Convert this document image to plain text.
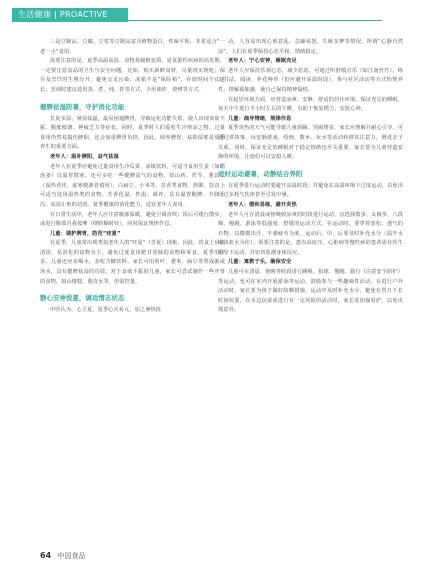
生活健康 | PROACTIVE HEALTH ●●●
三是豆制品。豆腐、豆浆等豆制品富含植物蛋白，性味平和，非常适合“一老一小”食用。
需要注意的是，夏季高温高湿，食物易腐败变质，是食源性疾病的高发期，一定要注意食品的卫生与安全问题。比如，购买新鲜食材，尽量现买现吃；保存及烹饪时生熟分开，避免交叉污染；冰箱不是“保险箱”，存放时间不宜过长；烹调时建议选用蒸、煮、炖、拌等方式，少用油炸、烧烤等方式。
健脾祛湿防暑，守护消化功能
长夏多湿，暑湿氤氲，最易困遏脾胃，导致运化功能失常，使人出现食欲不振、腹胀便溏、神疲乏力等症状。同时，夏季时人们爱吃生冷寒凉之物，过量食用仍然易损伤脾阳，还会加重脾胃负担。因此，调养脾胃、祛除湿邪是夏季养生的重要方面。
老年人：温补脾阳，益气祛湿
老年人在夏季应避免过量食用生冷瓜果、冰镇饮料，可适当食用生姜（如醋泡姜）以温胃散寒。还可多吃一些健脾益气的食物，如山药、茯苓、薏苡仁（湿热者佳，虚寒便溏者慎用）、白扁豆、小米等。芳香类食物、熬粥、饮食上可适当选用温热类的食物。芳香化湿，性温；调养，具有温胃醒脾、升降止泻、祛湿止呕的功效。夏季健康的消化能力，适宜老年人食用。
在日常生活中，老年人应注意腹部保暖，避免空调直吹；饭后可缓行散步，或进行腹部自我按摩（绕脐顺时针），同时保证规律作息。
儿童：调护脾胃，防范“疰夏”
在夏季，儿童常出现类似老年人的“疰夏”（苦夏）现象。因此，饮食上应以清淡、易消化的食物为主，避免过度食用肥甘厚味的食物和零食。夏季出汗多，儿童还应多喝水，多吃含糖饮料。家长可用荷叶、薏米、扁豆等煮成粥或汤水，具有健脾祛湿的功效。对于食欲不振的儿童，家长可尝试制作一些开胃的食物，如山楂糕、陈皮水等，但需控量。
静心安神悦夏，调适情志状态
中医认为，心主夏，夏季心火易亢，加之暑热扰
动，人容易出现心烦意乱、急躁易怒、失眠多梦等情况。所谓“心静自然凉”，人们在夏季保持心态平和，情绪稳定。
老年人：宁心安神，睡眠充足
老年人应保持乐观心态，减少思虑，可通过听舒缓音乐（如江南丝竹）、练习书法、阅读、养花种草（但应避开高温时段）、参与社区活动等方式怡情养性，排解孤独感，使自己保持精神愉悦。
在起居环境方面，应营造凉爽、安静、舒适的居住环境。保证充足的睡眠，每天中午进行半小时左右的午睡，有助于恢复精力，安抚心神。
儿童：疏导情绪，规律作息
夏季炎热的天气可能导致儿童烦躁、哭闹增多，家长应理解并耐心引导，可通过讲故事、玩安静游戏、绘画、数乡、玩水等活动转移其注意力，增进亲子关系。同时，保证充足的睡眠对于稳定情绪也至关重要，家长要为儿童营造安静的环境，让他们可以安稳入睡。
适时运动避暑，动静结合养阳
在夏季进行运动时要避开高温时段，并避免在高湿环境下过度运动，以免出汗过多耗气伤津甚至引发中暑。
老年人：缓和易练，避开炎热
老年人可在清晨或傍晚较凉爽的时段进行运动，宜选择散步、太极拳、八段锦、慢跑、游泳等低强度、舒缓的运动方式。在运动时，要穿着宽松、透气的衣物，以微微出汗、不感疲劳为度。运动后，中、后要及时补充水分（温开水或淡盐水为佳）。需要注意的是，患有高血压、心脏病等慢性病的患者需在医生指导下运动，并密切监测身体反应。
儿童：寓教于乐，确保安全
儿童可在清晨、傍晚等时段进行跳绳、拍球、慢跑、骑行（注意安全防护）等运动，也可在室内开展游泳等运动。鼓励参与一些趣味性活动，在进行户外活动时，家长要为孩子做好防晒措施。运动中及时补充水分，避免在烈日下长时间玩耍。在水边玩耍或进行有一定风险的活动时，家长需加强看护，以免出现意外。
64 中国食品
